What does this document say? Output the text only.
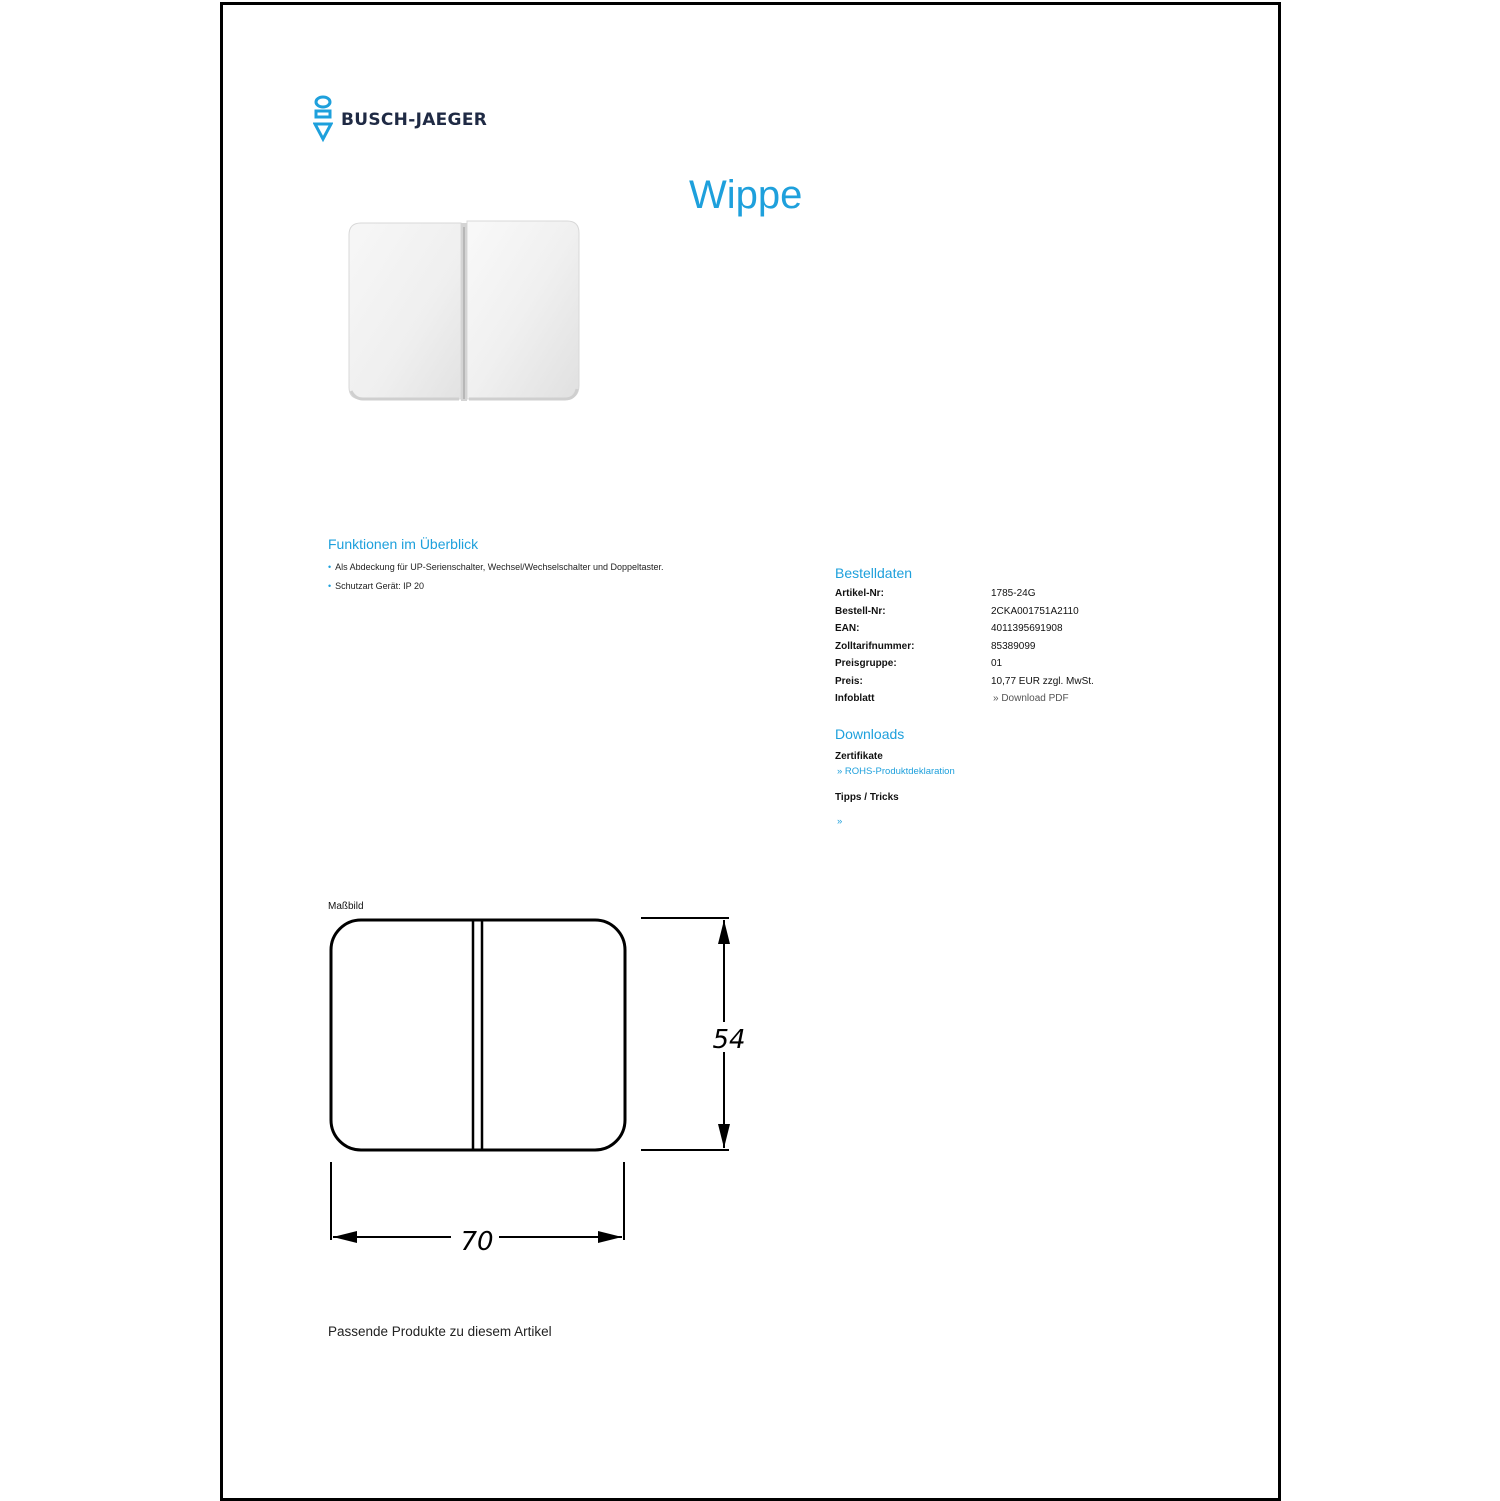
BUSCH-JAEGER
Wippe
Funktionen im Überblick
• Als Abdeckung für UP-Serienschalter, Wechsel/Wechselschalter und Doppeltaster.
• Schutzart Gerät: IP 20
Bestelldaten
Artikel-Nr:	1785-24G
Bestell-Nr:	2CKA001751A2110
EAN:	4011395691908
Zolltarifnummer:	85389099
Preisgruppe:	01
Preis:	10,77 EUR zzgl. MwSt.
Infoblatt	» Download PDF
Downloads
Zertifikate
» ROHS-Produktdeklaration
Tipps / Tricks
»
Maßbild
54
70
Passende Produkte zu diesem Artikel
